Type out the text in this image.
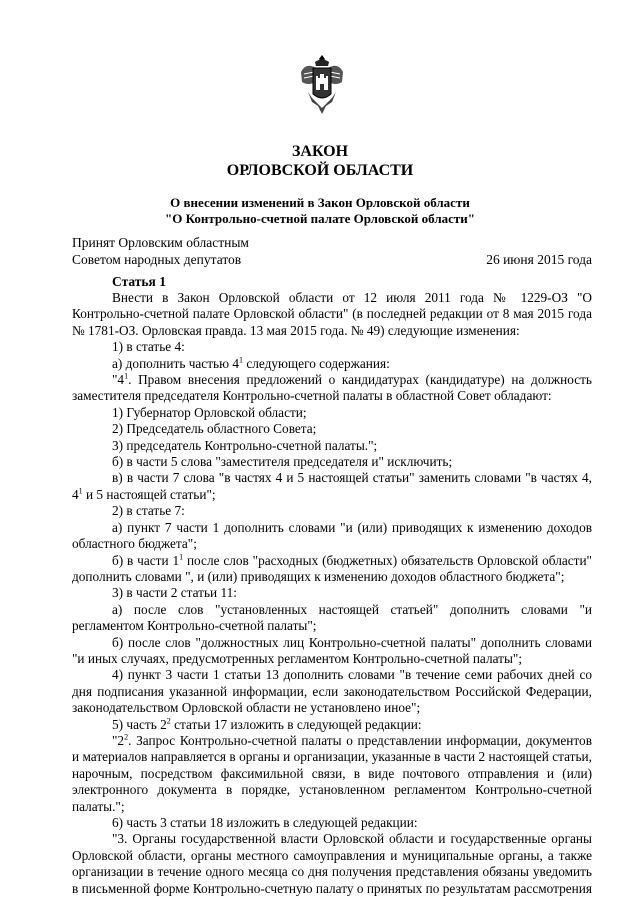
ЗАКОН
ОРЛОВСКОЙ ОБЛАСТИ
О внесении изменений в Закон Орловской области
"О Контрольно-счетной палате Орловской области"
Принят Орловским областным
Советом народных депутатов	26 июня 2015 года
Статья 1

Внести в Закон Орловской области от 12 июля 2011 года № 1229-ОЗ "О Контрольно-счетной палате Орловской области" (в последней редакции от 8 мая 2015 года № 1781-ОЗ. Орловская правда. 13 мая 2015 года. № 49) следующие изменения:

1) в статье 4:

а) дополнить частью $4^1$ следующего содержания:

"$4^1$. Правом внесения предложений о кандидатурах (кандидатуре) на должность заместителя председателя Контрольно-счетной палаты в областной Совет обладают:

1) Губернатор Орловской области;

2) Председатель областного Совета;

3) председатель Контрольно-счетной палаты.";

б) в части 5 слова "заместителя председателя и" исключить;

в) в части 7 слова "в частях 4 и 5 настоящей статьи" заменить словами "в частях 4, $4^1$ и 5 настоящей статьи";

2) в статье 7:

а) пункт 7 части 1 дополнить словами "и (или) приводящих к изменению доходов областного бюджета";

б) в части $1^1$ после слов "расходных (бюджетных) обязательств Орловской области" дополнить словами ", и (или) приводящих к изменению доходов областного бюджета";

3) в части 2 статьи 11:

а) после слов "установленных настоящей статьей" дополнить словами "и регламентом Контрольно-счетной палаты";

б) после слов "должностных лиц Контрольно-счетной палаты" дополнить словами "и иных случаях, предусмотренных регламентом Контрольно-счетной палаты";

4) пункт 3 части 1 статьи 13 дополнить словами "в течение семи рабочих дней со дня подписания указанной информации, если законодательством Российской Федерации, законодательством Орловской области не установлено иное";

5) часть $2^2$ статьи 17 изложить в следующей редакции:

"$2^2$. Запрос Контрольно-счетной палаты о представлении информации, документов и материалов направляется в органы и организации, указанные в части 2 настоящей статьи, нарочным, посредством факсимильной связи, в виде почтового отправления и (или) электронного документа в порядке, установленном регламентом Контрольно-счетной палаты.";

6) часть 3 статьи 18 изложить в следующей редакции:

"3. Органы государственной власти Орловской области и государственные органы Орловской области, органы местного самоуправления и муниципальные органы, а также организации в течение одного месяца со дня получения представления обязаны уведомить в письменной форме Контрольно-счетную палату о принятых по результатам рассмотрения
